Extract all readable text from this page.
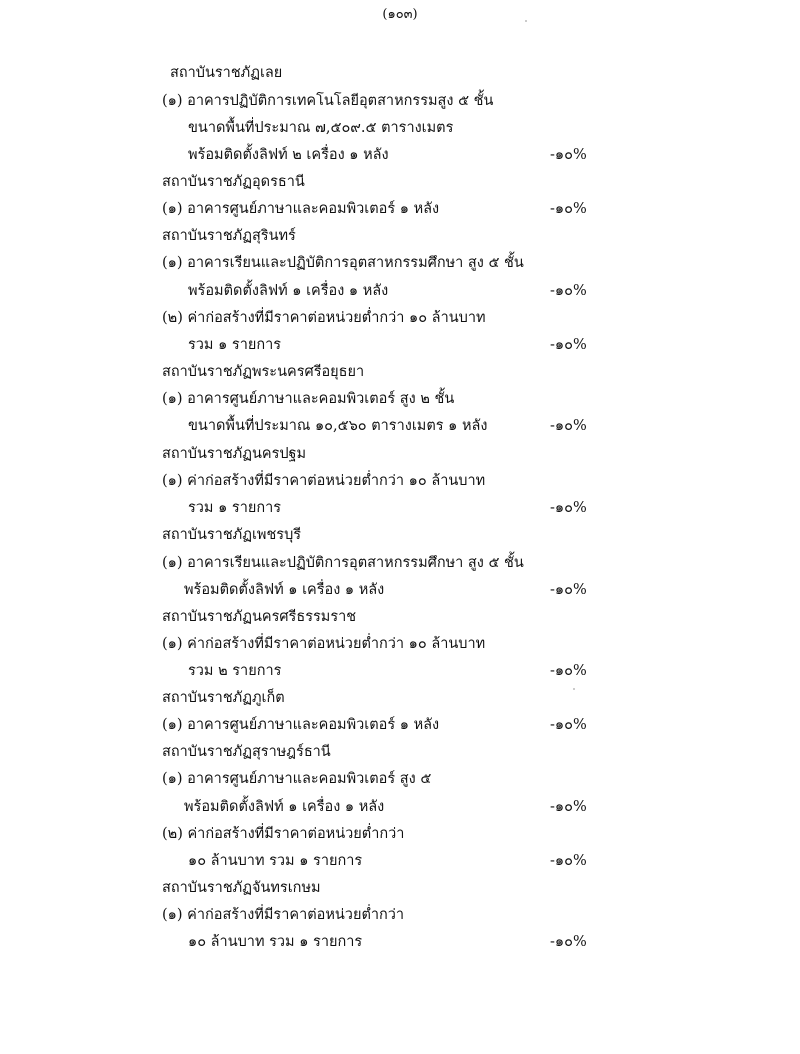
(๑๐๓)
สถาบันราชภัฏเลย
(๑) อาคารปฏิบัติการเทคโนโลยีอุตสาหกรรมสูง ๕ ชั้น
ขนาดพื้นที่ประมาณ ๗,๕๐๙.๕ ตารางเมตร
พร้อมติดตั้งลิฟท์ ๒ เครื่อง ๑ หลัง	-๑๐%
สถาบันราชภัฏอุดรธานี
(๑) อาคารศูนย์ภาษาและคอมพิวเตอร์ ๑ หลัง	-๑๐%
สถาบันราชภัฏสุรินทร์
(๑) อาคารเรียนและปฏิบัติการอุตสาหกรรมศึกษา สูง ๕ ชั้น
พร้อมติดตั้งลิฟท์ ๑ เครื่อง ๑ หลัง	-๑๐%
(๒) ค่าก่อสร้างที่มีราคาต่อหน่วยต่ำกว่า ๑๐ ล้านบาท
รวม ๑ รายการ	-๑๐%
สถาบันราชภัฏพระนครศรีอยุธยา
(๑) อาคารศูนย์ภาษาและคอมพิวเตอร์ สูง ๒ ชั้น
ขนาดพื้นที่ประมาณ ๑๐,๕๖๐ ตารางเมตร ๑ หลัง	-๑๐%
สถาบันราชภัฏนครปฐม
(๑) ค่าก่อสร้างที่มีราคาต่อหน่วยต่ำกว่า ๑๐ ล้านบาท
รวม ๑ รายการ	-๑๐%
สถาบันราชภัฏเพชรบุรี
(๑) อาคารเรียนและปฏิบัติการอุตสาหกรรมศึกษา สูง ๕ ชั้น
พร้อมติดตั้งลิฟท์ ๑ เครื่อง ๑ หลัง	-๑๐%
สถาบันราชภัฏนครศรีธรรมราช
(๑) ค่าก่อสร้างที่มีราคาต่อหน่วยต่ำกว่า ๑๐ ล้านบาท
รวม ๒ รายการ	-๑๐%
สถาบันราชภัฏภูเก็ต
(๑) อาคารศูนย์ภาษาและคอมพิวเตอร์ ๑ หลัง	-๑๐%
สถาบันราชภัฏสุราษฎร์ธานี
(๑) อาคารศูนย์ภาษาและคอมพิวเตอร์ สูง ๕
พร้อมติดตั้งลิฟท์ ๑ เครื่อง ๑ หลัง	-๑๐%
(๒) ค่าก่อสร้างที่มีราคาต่อหน่วยต่ำกว่า
๑๐ ล้านบาท รวม ๑ รายการ	-๑๐%
สถาบันราชภัฏจันทรเกษม
(๑) ค่าก่อสร้างที่มีราคาต่อหน่วยต่ำกว่า
๑๐ ล้านบาท รวม ๑ รายการ	-๑๐%
